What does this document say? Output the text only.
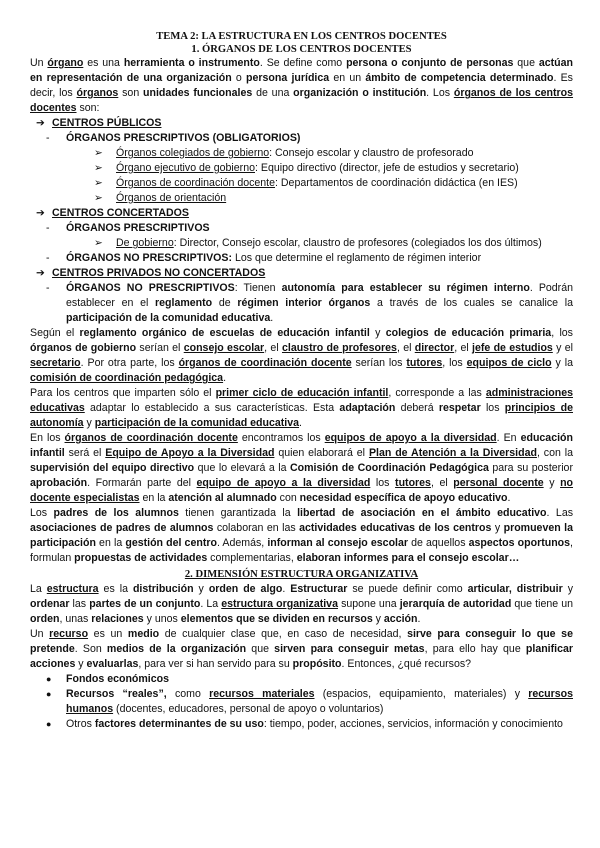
TEMA 2: LA ESTRUCTURA EN LOS CENTROS DOCENTES
1. ÓRGANOS DE LOS CENTROS DOCENTES

Un órgano es una herramienta o instrumento. Se define como persona o conjunto de personas que actúan en representación de una organización o persona jurídica en un ámbito de competencia determinado. Es decir, los órganos son unidades funcionales de una organización o institución. Los órganos de los centros docentes son:

➔ CENTROS PÚBLICOS
- ÓRGANOS PRESCRIPTIVOS (OBLIGATORIOS)
➢ Órganos colegiados de gobierno: Consejo escolar y claustro de profesorado
➢ Órgano ejecutivo de gobierno: Equipo directivo (director, jefe de estudios y secretario)
➢ Órganos de coordinación docente: Departamentos de coordinación didáctica (en IES)
➢ Órganos de orientación
➔ CENTROS CONCERTADOS
- ÓRGANOS PRESCRIPTIVOS
➢ De gobierno: Director, Consejo escolar, claustro de profesores (colegiados los dos últimos)
- ÓRGANOS NO PRESCRIPTIVOS: Los que determine el reglamento de régimen interior
➔ CENTROS PRIVADOS NO CONCERTADOS
- ÓRGANOS NO PRESCRIPTIVOS: Tienen autonomía para establecer su régimen interno. Podrán establecer en el reglamento de régimen interior órganos a través de los cuales se canalice la participación de la comunidad educativa.

Según el reglamento orgánico de escuelas de educación infantil y colegios de educación primaria, los órganos de gobierno serían el consejo escolar, el claustro de profesores, el director, el jefe de estudios y el secretario. Por otra parte, los órganos de coordinación docente serían los tutores, los equipos de ciclo y la comisión de coordinación pedagógica.

Para los centros que imparten sólo el primer ciclo de educación infantil, corresponde a las administraciones educativas adaptar lo establecido a sus características. Esta adaptación deberá respetar los principios de autonomía y participación de la comunidad educativa.

En los órganos de coordinación docente encontramos los equipos de apoyo a la diversidad. En educación infantil será el Equipo de Apoyo a la Diversidad quien elaborará el Plan de Atención a la Diversidad, con la supervisión del equipo directivo que lo elevará a la Comisión de Coordinación Pedagógica para su posterior aprobación. Formarán parte del equipo de apoyo a la diversidad los tutores, el personal docente y no docente especialistas en la atención al alumnado con necesidad específica de apoyo educativo.

Los padres de los alumnos tienen garantizada la libertad de asociación en el ámbito educativo. Las asociaciones de padres de alumnos colaboran en las actividades educativas de los centros y promueven la participación en la gestión del centro. Además, informan al consejo escolar de aquellos aspectos oportunos, formulan propuestas de actividades complementarias, elaboran informes para el consejo escolar…

2. DIMENSIÓN ESTRUCTURA ORGANIZATIVA

La estructura es la distribución y orden de algo. Estructurar se puede definir como articular, distribuir y ordenar las partes de un conjunto. La estructura organizativa supone una jerarquía de autoridad que tiene un orden, unas relaciones y unos elementos que se dividen en recursos y acción.

Un recurso es un medio de cualquier clase que, en caso de necesidad, sirve para conseguir lo que se pretende. Son medios de la organización que sirven para conseguir metas, para ello hay que planificar acciones y evaluarlas, para ver si han servido para su propósito. Entonces, ¿qué recursos?

● Fondos económicos
● Recursos “reales”, como recursos materiales (espacios, equipamiento, materiales) y recursos humanos (docentes, educadores, personal de apoyo o voluntarios)
● Otros factores determinantes de su uso: tiempo, poder, acciones, servicios, información y conocimiento
